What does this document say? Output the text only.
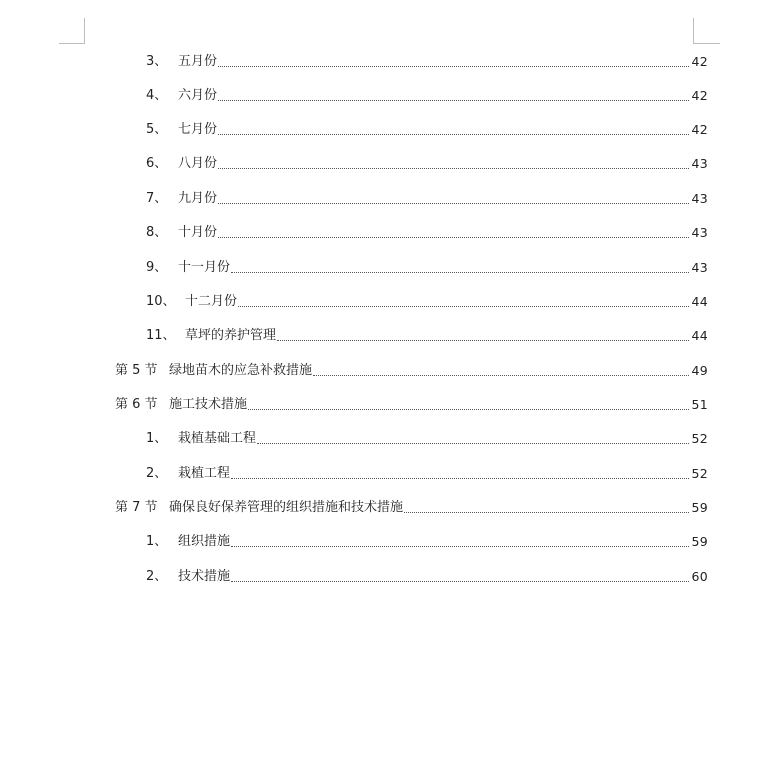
3、 五月份	42
4、 六月份	42
5、 七月份	42
6、 八月份	43
7、 九月份	43
8、 十月份	43
9、 十一月份	43
10、 十二月份	44
11、 草坪的养护管理	44
第 5 节 绿地苗木的应急补救措施	49
第 6 节 施工技术措施	51
1、 栽植基础工程	52
2、 栽植工程	52
第 7 节 确保良好保养管理的组织措施和技术措施	59
1、 组织措施	59
2、 技术措施	60
